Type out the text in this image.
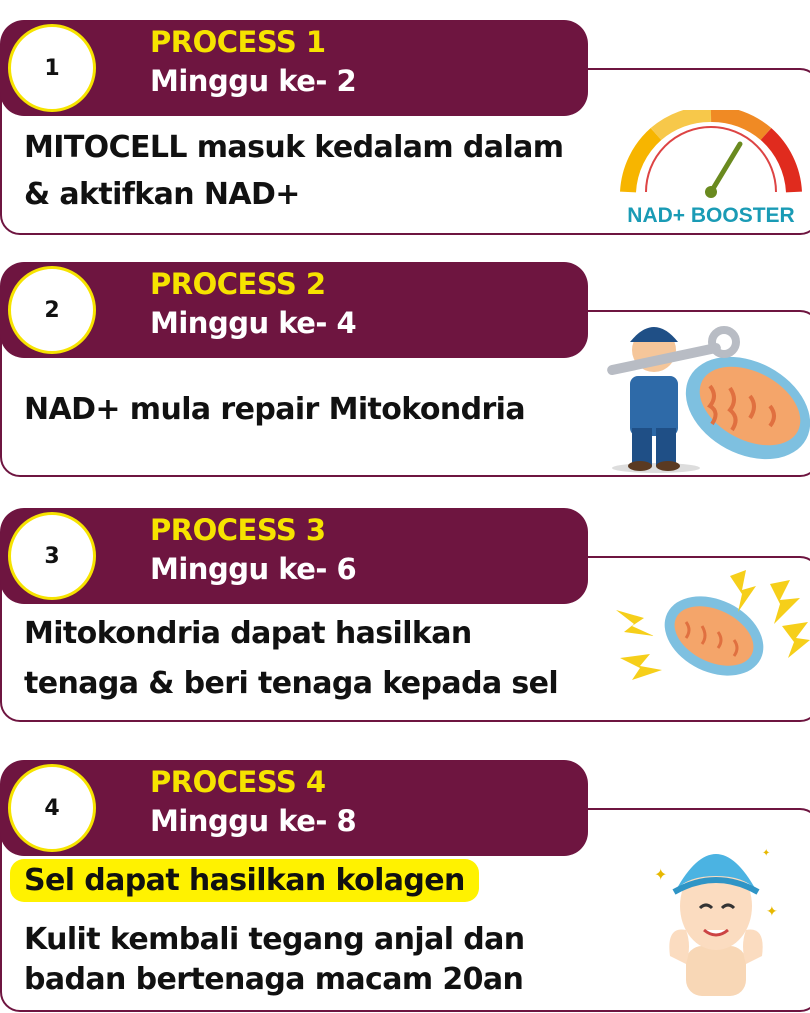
1
PROCESS 1
Minggu ke- 2
MITOCELL masuk kedalam dalam
& aktifkan NAD+
NAD+ BOOSTER
2
PROCESS 2
Minggu ke- 4
NAD+ mula repair Mitokondria
3
PROCESS 3
Minggu ke- 6
Mitokondria dapat hasilkan
tenaga & beri tenaga kepada sel
4
PROCESS 4
Minggu ke- 8
Sel dapat hasilkan kolagen
Kulit kembali tegang anjal dan
badan bertenaga macam 20an
✦
✦
✦
